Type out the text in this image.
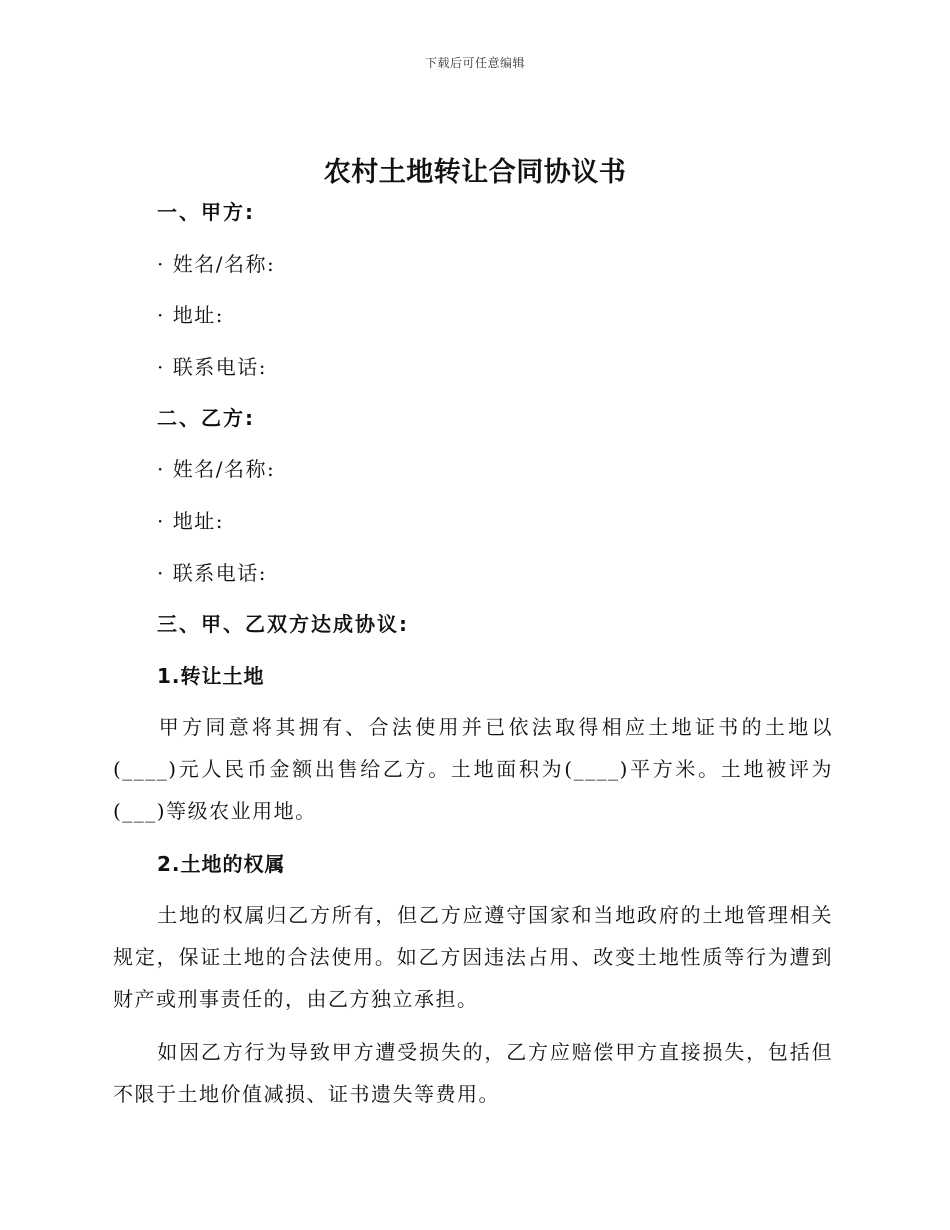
下载后可任意编辑
农村土地转让合同协议书
一、甲方:
· 姓名/名称:
· 地址:
· 联系电话:
二、乙方:
· 姓名/名称:
· 地址:
· 联系电话:
三、甲、乙双方达成协议:
1.转让土地
甲方同意将其拥有、合法使用并已依法取得相应土地证书的土地以(____)元人民币金额出售给乙方。土地面积为(____)平方米。土地被评为(___)等级农业用地。
2.土地的权属
土地的权属归乙方所有，但乙方应遵守国家和当地政府的土地管理相关规定，保证土地的合法使用。如乙方因违法占用、改变土地性质等行为遭到财产或刑事责任的，由乙方独立承担。
如因乙方行为导致甲方遭受损失的，乙方应赔偿甲方直接损失，包括但不限于土地价值减损、证书遗失等费用。
